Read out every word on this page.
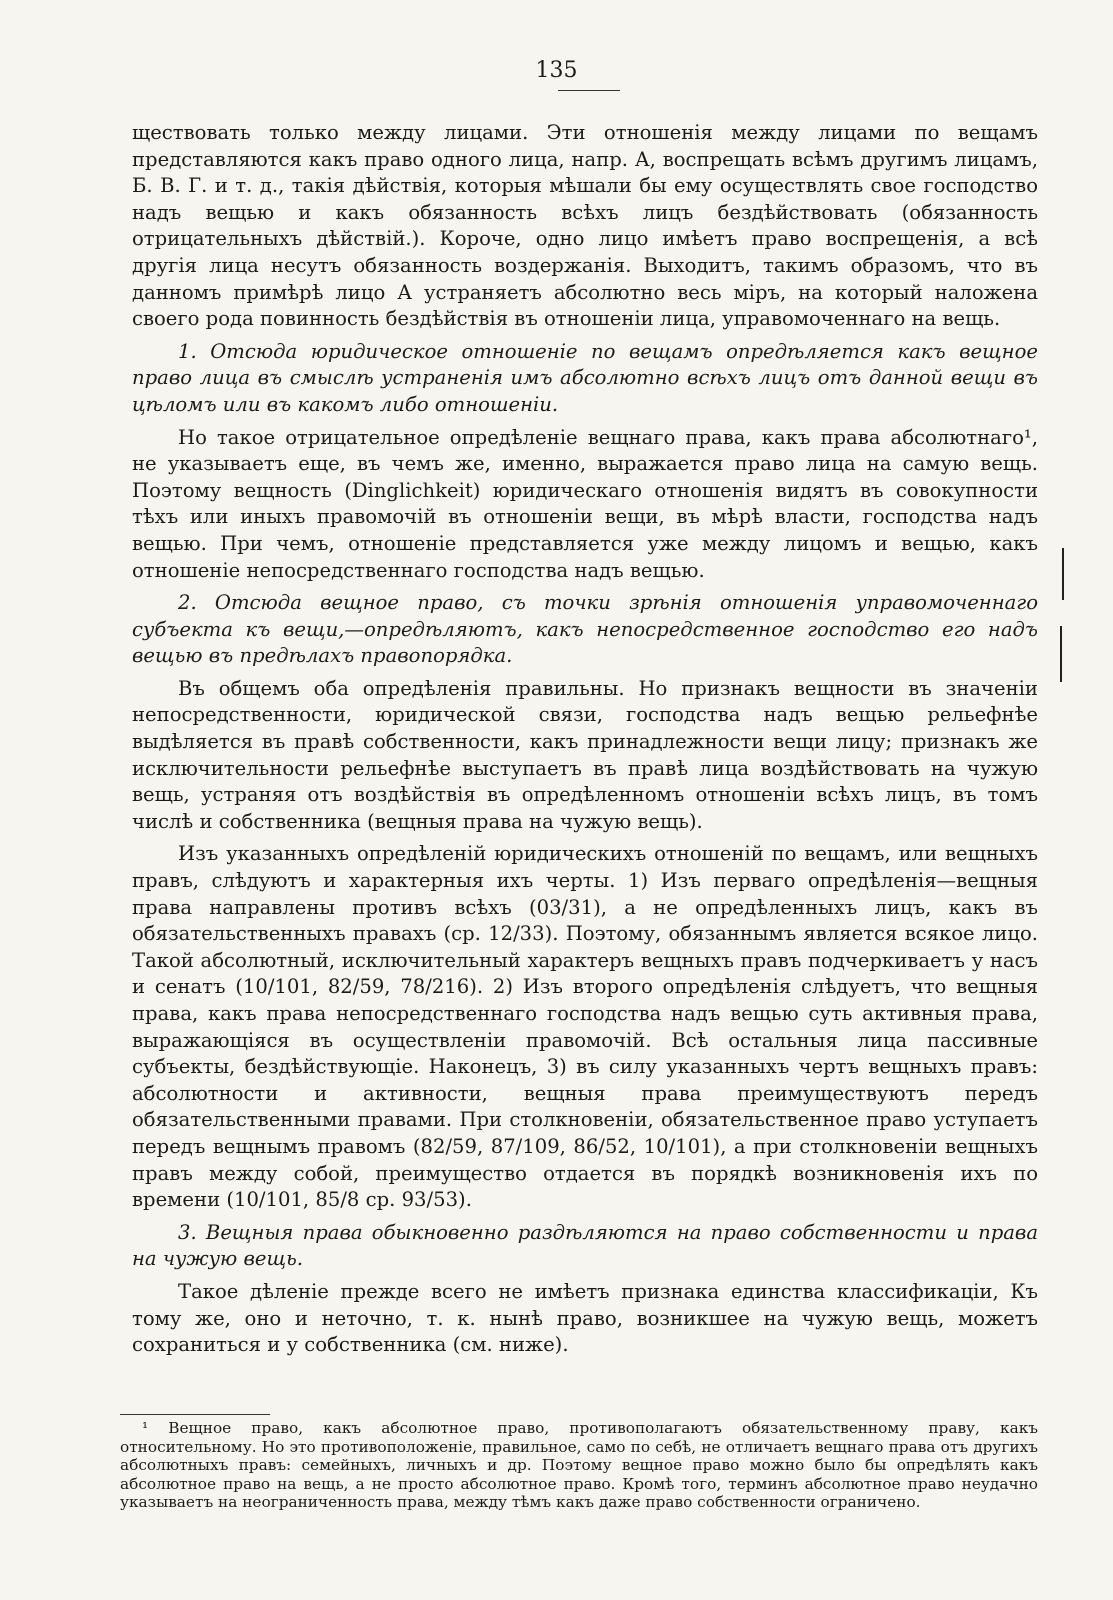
135

ществовать только между лицами. Эти отношенія между лицами по вещамъ представляются какъ право одного лица, напр. А, воспрещать всѣмъ другимъ лицамъ, Б. В. Г. и т. д., такія дѣйствія, которыя мѣшали бы ему осуществлять свое господство надъ вещью и какъ обязанность всѣхъ лицъ бездѣйствовать (обязанность отрицательныхъ дѣйствій.). Короче, одно лицо имѣетъ право воспрещенія, а всѣ другія лица несутъ обязанность воздержанія. Выходитъ, такимъ образомъ, что въ данномъ примѣрѣ лицо А устраняетъ абсолютно весь міръ, на который наложена своего рода повинность бездѣйствія въ отношеніи лица, управомоченнаго на вещь.

1. Отсюда юридическое отношеніе по вещамъ опредѣляется какъ вещное право лица въ смыслѣ устраненія имъ абсолютно всѣхъ лицъ отъ данной вещи въ цѣломъ или въ какомъ либо отношеніи.

Но такое отрицательное опредѣленіе вещнаго права, какъ права абсолютнаго¹, не указываетъ еще, въ чемъ же, именно, выражается право лица на самую вещь. Поэтому вещность (Dinglichkeit) юридическаго отношенія видятъ въ совокупности тѣхъ или иныхъ правомочій въ отношеніи вещи, въ мѣрѣ власти, господства надъ вещью. При чемъ, отношеніе представляется уже между лицомъ и вещью, какъ отношеніе непосредственнаго господства надъ вещью.

2. Отсюда вещное право, съ точки зрѣнія отношенія управомоченнаго субъекта къ вещи,—опредѣляютъ, какъ непосредственное господство его надъ вещью въ предѣлахъ правопорядка.

Въ общемъ оба опредѣленія правильны. Но признакъ вещности въ значеніи непосредственности, юридической связи, господства надъ вещью рельефнѣе выдѣляется въ правѣ собственности, какъ принадлежности вещи лицу; признакъ же исключительности рельефнѣе выступаетъ въ правѣ лица воздѣйствовать на чужую вещь, устраняя отъ воздѣйствія въ опредѣленномъ отношеніи всѣхъ лицъ, въ томъ числѣ и собственника (вещныя права на чужую вещь).

Изъ указанныхъ опредѣленій юридическихъ отношеній по вещамъ, или вещныхъ правъ, слѣдуютъ и характерныя ихъ черты. 1) Изъ перваго опредѣленія—вещныя права направлены противъ всѣхъ (03/31), а не опредѣленныхъ лицъ, какъ въ обязательственныхъ правахъ (ср. 12/33). Поэтому, обязаннымъ является всякое лицо. Такой абсолютный, исключительный характеръ вещныхъ правъ подчеркиваетъ у насъ и сенатъ (10/101, 82/59, 78/216). 2) Изъ второго опредѣленія слѣдуетъ, что вещныя права, какъ права непосредственнаго господства надъ вещью суть активныя права, выражающіяся въ осуществленіи правомочій. Всѣ остальныя лица пассивные субъекты, бездѣйствующіе. Наконецъ, 3) въ силу указанныхъ чертъ вещныхъ правъ: абсолютности и активности, вещныя права преимуществуютъ передъ обязательственными правами. При столкновеніи, обязательственное право уступаетъ передъ вещнымъ правомъ (82/59, 87/109, 86/52, 10/101), а при столкновеніи вещныхъ правъ между собой, преимущество отдается въ порядкѣ возникновенія ихъ по времени (10/101, 85/8 ср. 93/53).

3. Вещныя права обыкновенно раздѣляются на право собственности и права на чужую вещь.

Такое дѣленіе прежде всего не имѣетъ признака единства классификаціи, Къ тому же, оно и неточно, т. к. нынѣ право, возникшее на чужую вещь, можетъ сохраниться и у собственника (см. ниже).

¹ Вещное право, какъ абсолютное право, противополагаютъ обязательственному праву, какъ относительному. Но это противоположеніе, правильное, само по себѣ, не отличаетъ вещнаго права отъ другихъ абсолютныхъ правъ: семейныхъ, личныхъ и др. Поэтому вещное право можно было бы опредѣлять какъ абсолютное право на вещь, а не просто абсолютное право. Кромѣ того, терминъ абсолютное право неудачно указываетъ на неограниченность права, между тѣмъ какъ даже право собственности ограничено.
